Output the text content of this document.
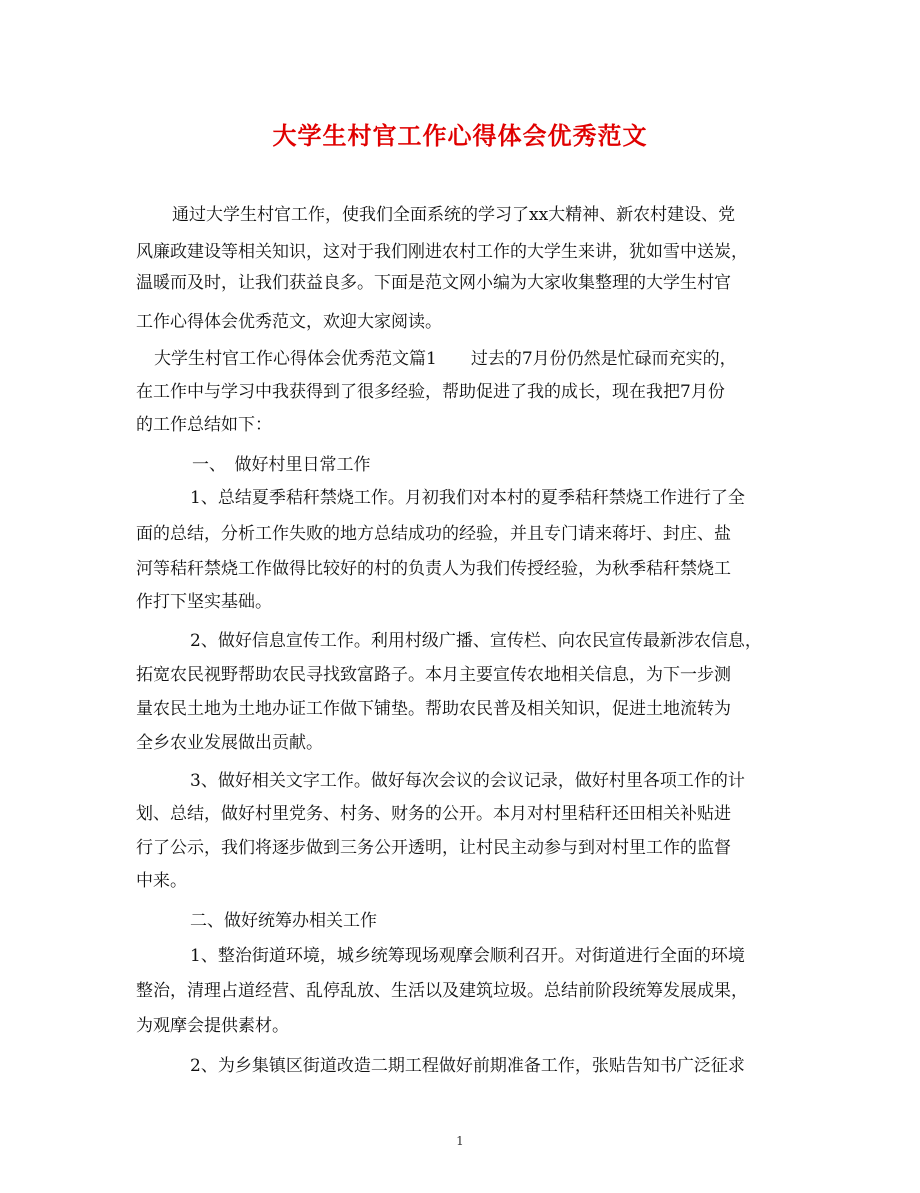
大学生村官工作心得体会优秀范文
通过大学生村官工作，使我们全面系统的学习了xx大精神、新农村建设、党
风廉政建设等相关知识，这对于我们刚进农村工作的大学生来讲，犹如雪中送炭，
温暖而及时，让我们获益良多。下面是范文网小编为大家收集整理的大学生村官
工作心得体会优秀范文，欢迎大家阅读。
大学生村官工作心得体会优秀范文篇1　　过去的7月份仍然是忙碌而充实的，
在工作中与学习中我获得到了很多经验，帮助促进了我的成长，现在我把7月份
的工作总结如下：
一、　做好村里日常工作
1、总结夏季秸秆禁烧工作。月初我们对本村的夏季秸秆禁烧工作进行了全
面的总结，分析工作失败的地方总结成功的经验，并且专门请来蒋圩、封庄、盐
河等秸秆禁烧工作做得比较好的村的负责人为我们传授经验，为秋季秸秆禁烧工
作打下坚实基础。
2、做好信息宣传工作。利用村级广播、宣传栏、向农民宣传最新涉农信息，
拓宽农民视野帮助农民寻找致富路子。本月主要宣传农地相关信息，为下一步测
量农民土地为土地办证工作做下铺垫。帮助农民普及相关知识，促进土地流转为
全乡农业发展做出贡献。
3、做好相关文字工作。做好每次会议的会议记录，做好村里各项工作的计
划、总结，做好村里党务、村务、财务的公开。本月对村里秸秆还田相关补贴进
行了公示，我们将逐步做到三务公开透明，让村民主动参与到对村里工作的监督
中来。
二、做好统筹办相关工作
1、整治街道环境，城乡统筹现场观摩会顺利召开。对街道进行全面的环境
整治，清理占道经营、乱停乱放、生活以及建筑垃圾。总结前阶段统筹发展成果，
为观摩会提供素材。
2、为乡集镇区街道改造二期工程做好前期准备工作，张贴告知书广泛征求
1
